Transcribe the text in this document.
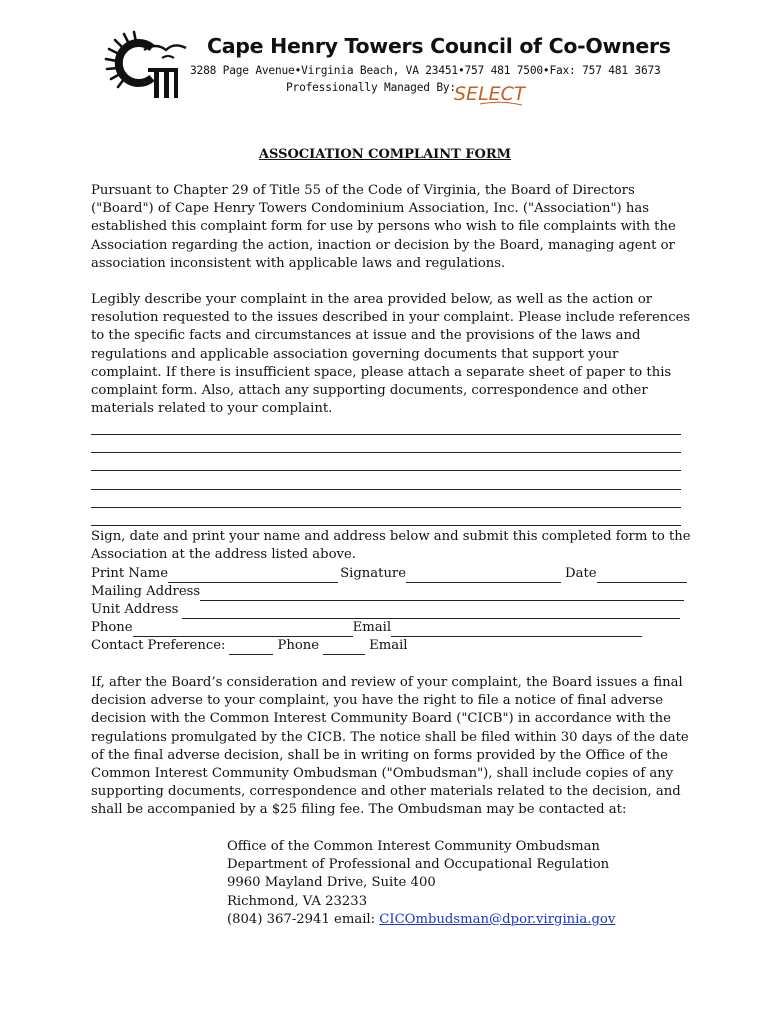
Cape Henry Towers Council of Co-Owners
3288 Page Avenue•Virginia Beach, VA 23451•757 481 7500•Fax: 757 481 3673
Professionally Managed By:
SELECT
ASSOCIATION COMPLAINT FORM

Pursuant to Chapter 29 of Title 55 of the Code of Virginia, the Board of Directors ("Board") of Cape Henry Towers Condominium Association, Inc. ("Association") has established this complaint form for use by persons who wish to file complaints with the Association regarding the action, inaction or decision by the Board, managing agent or association inconsistent with applicable laws and regulations.

Legibly describe your complaint in the area provided below, as well as the action or resolution requested to the issues described in your complaint. Please include references to the specific facts and circumstances at issue and the provisions of the laws and regulations and applicable association governing documents that support your complaint. If there is insufficient space, please attach a separate sheet of paper to this complaint form. Also, attach any supporting documents, correspondence and other materials related to your complaint.

Sign, date and print your name and address below and submit this completed form to the Association at the address listed above.

Print Name	Signature	Date
Mailing Address
Unit Address
Phone	Email
Contact Preference:	Phone	Email

If, after the Board’s consideration and review of your complaint, the Board issues a final decision adverse to your complaint, you have the right to file a notice of final adverse decision with the Common Interest Community Board ("CICB") in accordance with the regulations promulgated by the CICB. The notice shall be filed within 30 days of the date of the final adverse decision, shall be in writing on forms provided by the Office of the Common Interest Community Ombudsman ("Ombudsman"), shall include copies of any supporting documents, correspondence and other materials related to the decision, and shall be accompanied by a $25 filing fee. The Ombudsman may be contacted at:

Office of the Common Interest Community Ombudsman
Department of Professional and Occupational Regulation
9960 Mayland Drive, Suite 400
Richmond, VA 23233
(804) 367-2941 email: CICOmbudsman@dpor.virginia.gov
